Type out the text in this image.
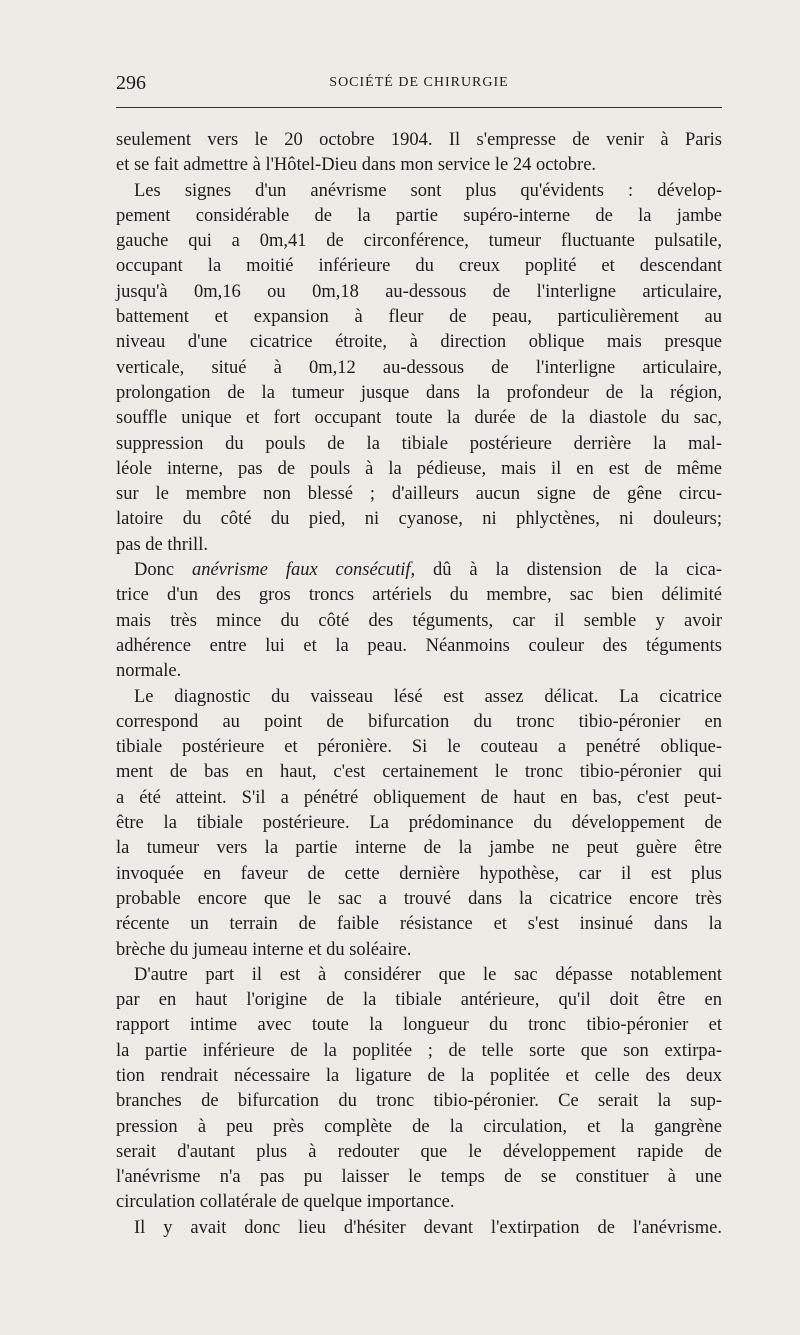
296	SOCIÉTÉ DE CHIRURGIE
seulement vers le 20 octobre 1904. Il s'empresse de venir à Paris
et se fait admettre à l'Hôtel-Dieu dans mon service le 24 octobre.
Les signes d'un anévrisme sont plus qu'évidents : dévelop-
pement considérable de la partie supéro-interne de la jambe
gauche qui a 0m,41 de circonférence, tumeur fluctuante pulsatile,
occupant la moitié inférieure du creux poplité et descendant
jusqu'à 0m,16 ou 0m,18 au-dessous de l'interligne articulaire,
battement et expansion à fleur de peau, particulièrement au
niveau d'une cicatrice étroite, à direction oblique mais presque
verticale, situé à 0m,12 au-dessous de l'interligne articulaire,
prolongation de la tumeur jusque dans la profondeur de la région,
souffle unique et fort occupant toute la durée de la diastole du sac,
suppression du pouls de la tibiale postérieure derrière la mal-
léole interne, pas de pouls à la pédieuse, mais il en est de même
sur le membre non blessé ; d'ailleurs aucun signe de gêne circu-
latoire du côté du pied, ni cyanose, ni phlyctènes, ni douleurs;
pas de thrill.
Donc anévrisme faux consécutif, dû à la distension de la cica-
trice d'un des gros troncs artériels du membre, sac bien délimité
mais très mince du côté des téguments, car il semble y avoir
adhérence entre lui et la peau. Néanmoins couleur des téguments
normale.
Le diagnostic du vaisseau lésé est assez délicat. La cicatrice
correspond au point de bifurcation du tronc tibio-péronier en
tibiale postérieure et péronière. Si le couteau a penétré oblique-
ment de bas en haut, c'est certainement le tronc tibio-péronier qui
a été atteint. S'il a pénétré obliquement de haut en bas, c'est peut-
être la tibiale postérieure. La prédominance du développement de
la tumeur vers la partie interne de la jambe ne peut guère être
invoquée en faveur de cette dernière hypothèse, car il est plus
probable encore que le sac a trouvé dans la cicatrice encore très
récente un terrain de faible résistance et s'est insinué dans la
brèche du jumeau interne et du soléaire.
D'autre part il est à considérer que le sac dépasse notablement
par en haut l'origine de la tibiale antérieure, qu'il doit être en
rapport intime avec toute la longueur du tronc tibio-péronier et
la partie inférieure de la poplitée ; de telle sorte que son extirpa-
tion rendrait nécessaire la ligature de la poplitée et celle des deux
branches de bifurcation du tronc tibio-péronier. Ce serait la sup-
pression à peu près complète de la circulation, et la gangrène
serait d'autant plus à redouter que le développement rapide de
l'anévrisme n'a pas pu laisser le temps de se constituer à une
circulation collatérale de quelque importance.
Il y avait donc lieu d'hésiter devant l'extirpation de l'anévrisme.
